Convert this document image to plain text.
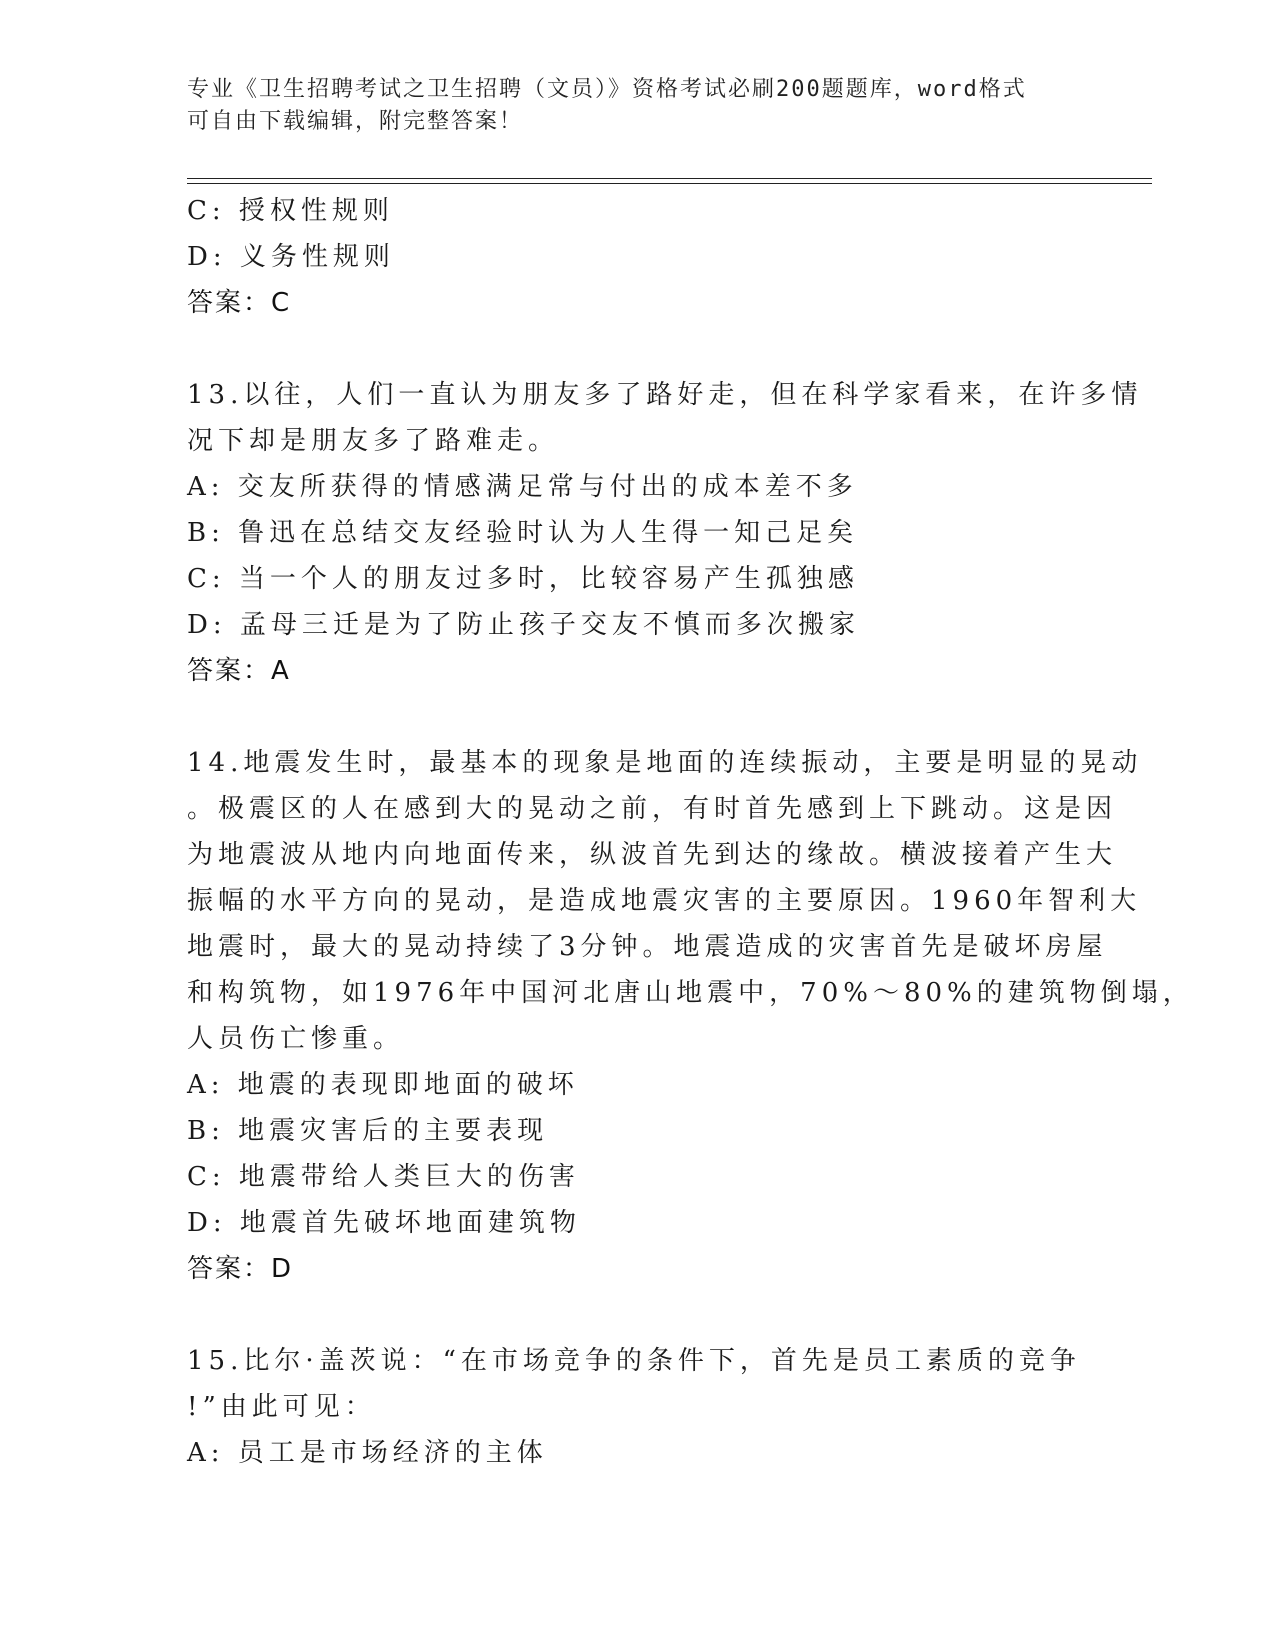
专业《卫生招聘考试之卫生招聘（文员）》资格考试必刷200题题库，word格式
可自由下载编辑，附完整答案！
C: 授权性规则
D: 义务性规则
答案：C
13.以往，人们一直认为朋友多了路好走，但在科学家看来，在许多情
况下却是朋友多了路难走。
A: 交友所获得的情感满足常与付出的成本差不多
B: 鲁迅在总结交友经验时认为人生得一知己足矣
C: 当一个人的朋友过多时，比较容易产生孤独感
D: 孟母三迁是为了防止孩子交友不慎而多次搬家
答案：A
14.地震发生时，最基本的现象是地面的连续振动，主要是明显的晃动
。极震区的人在感到大的晃动之前，有时首先感到上下跳动。这是因
为地震波从地内向地面传来，纵波首先到达的缘故。横波接着产生大
振幅的水平方向的晃动，是造成地震灾害的主要原因。1960年智利大
地震时，最大的晃动持续了3分钟。地震造成的灾害首先是破坏房屋
和构筑物，如1976年中国河北唐山地震中，70%～80%的建筑物倒塌，
人员伤亡惨重。
A: 地震的表现即地面的破坏
B: 地震灾害后的主要表现
C: 地震带给人类巨大的伤害
D: 地震首先破坏地面建筑物
答案：D
15.比尔·盖茨说：“在市场竞争的条件下，首先是员工素质的竞争
!”由此可见：
A: 员工是市场经济的主体
